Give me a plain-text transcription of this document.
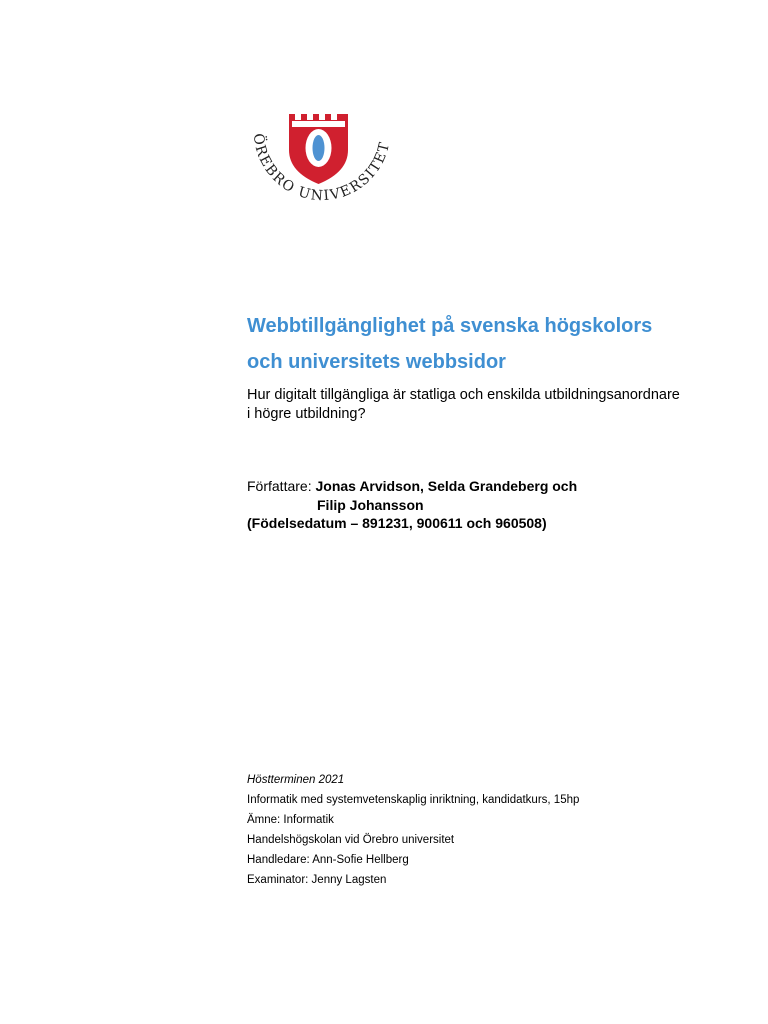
ÖREBRO UNIVERSITET
Webbtillgänglighet på svenska högskolors
och universitets webbsidor
Hur digitalt tillgängliga är statliga och enskilda utbildningsanordnare
i högre utbildning?
Författare: Jonas Arvidson, Selda Grandeberg och
Filip Johansson
(Födelsedatum – 891231, 900611 och 960508)
Höstterminen 2021
Informatik med systemvetenskaplig inriktning, kandidatkurs, 15hp
Ämne: Informatik
Handelshögskolan vid Örebro universitet
Handledare: Ann-Sofie Hellberg
Examinator: Jenny Lagsten
